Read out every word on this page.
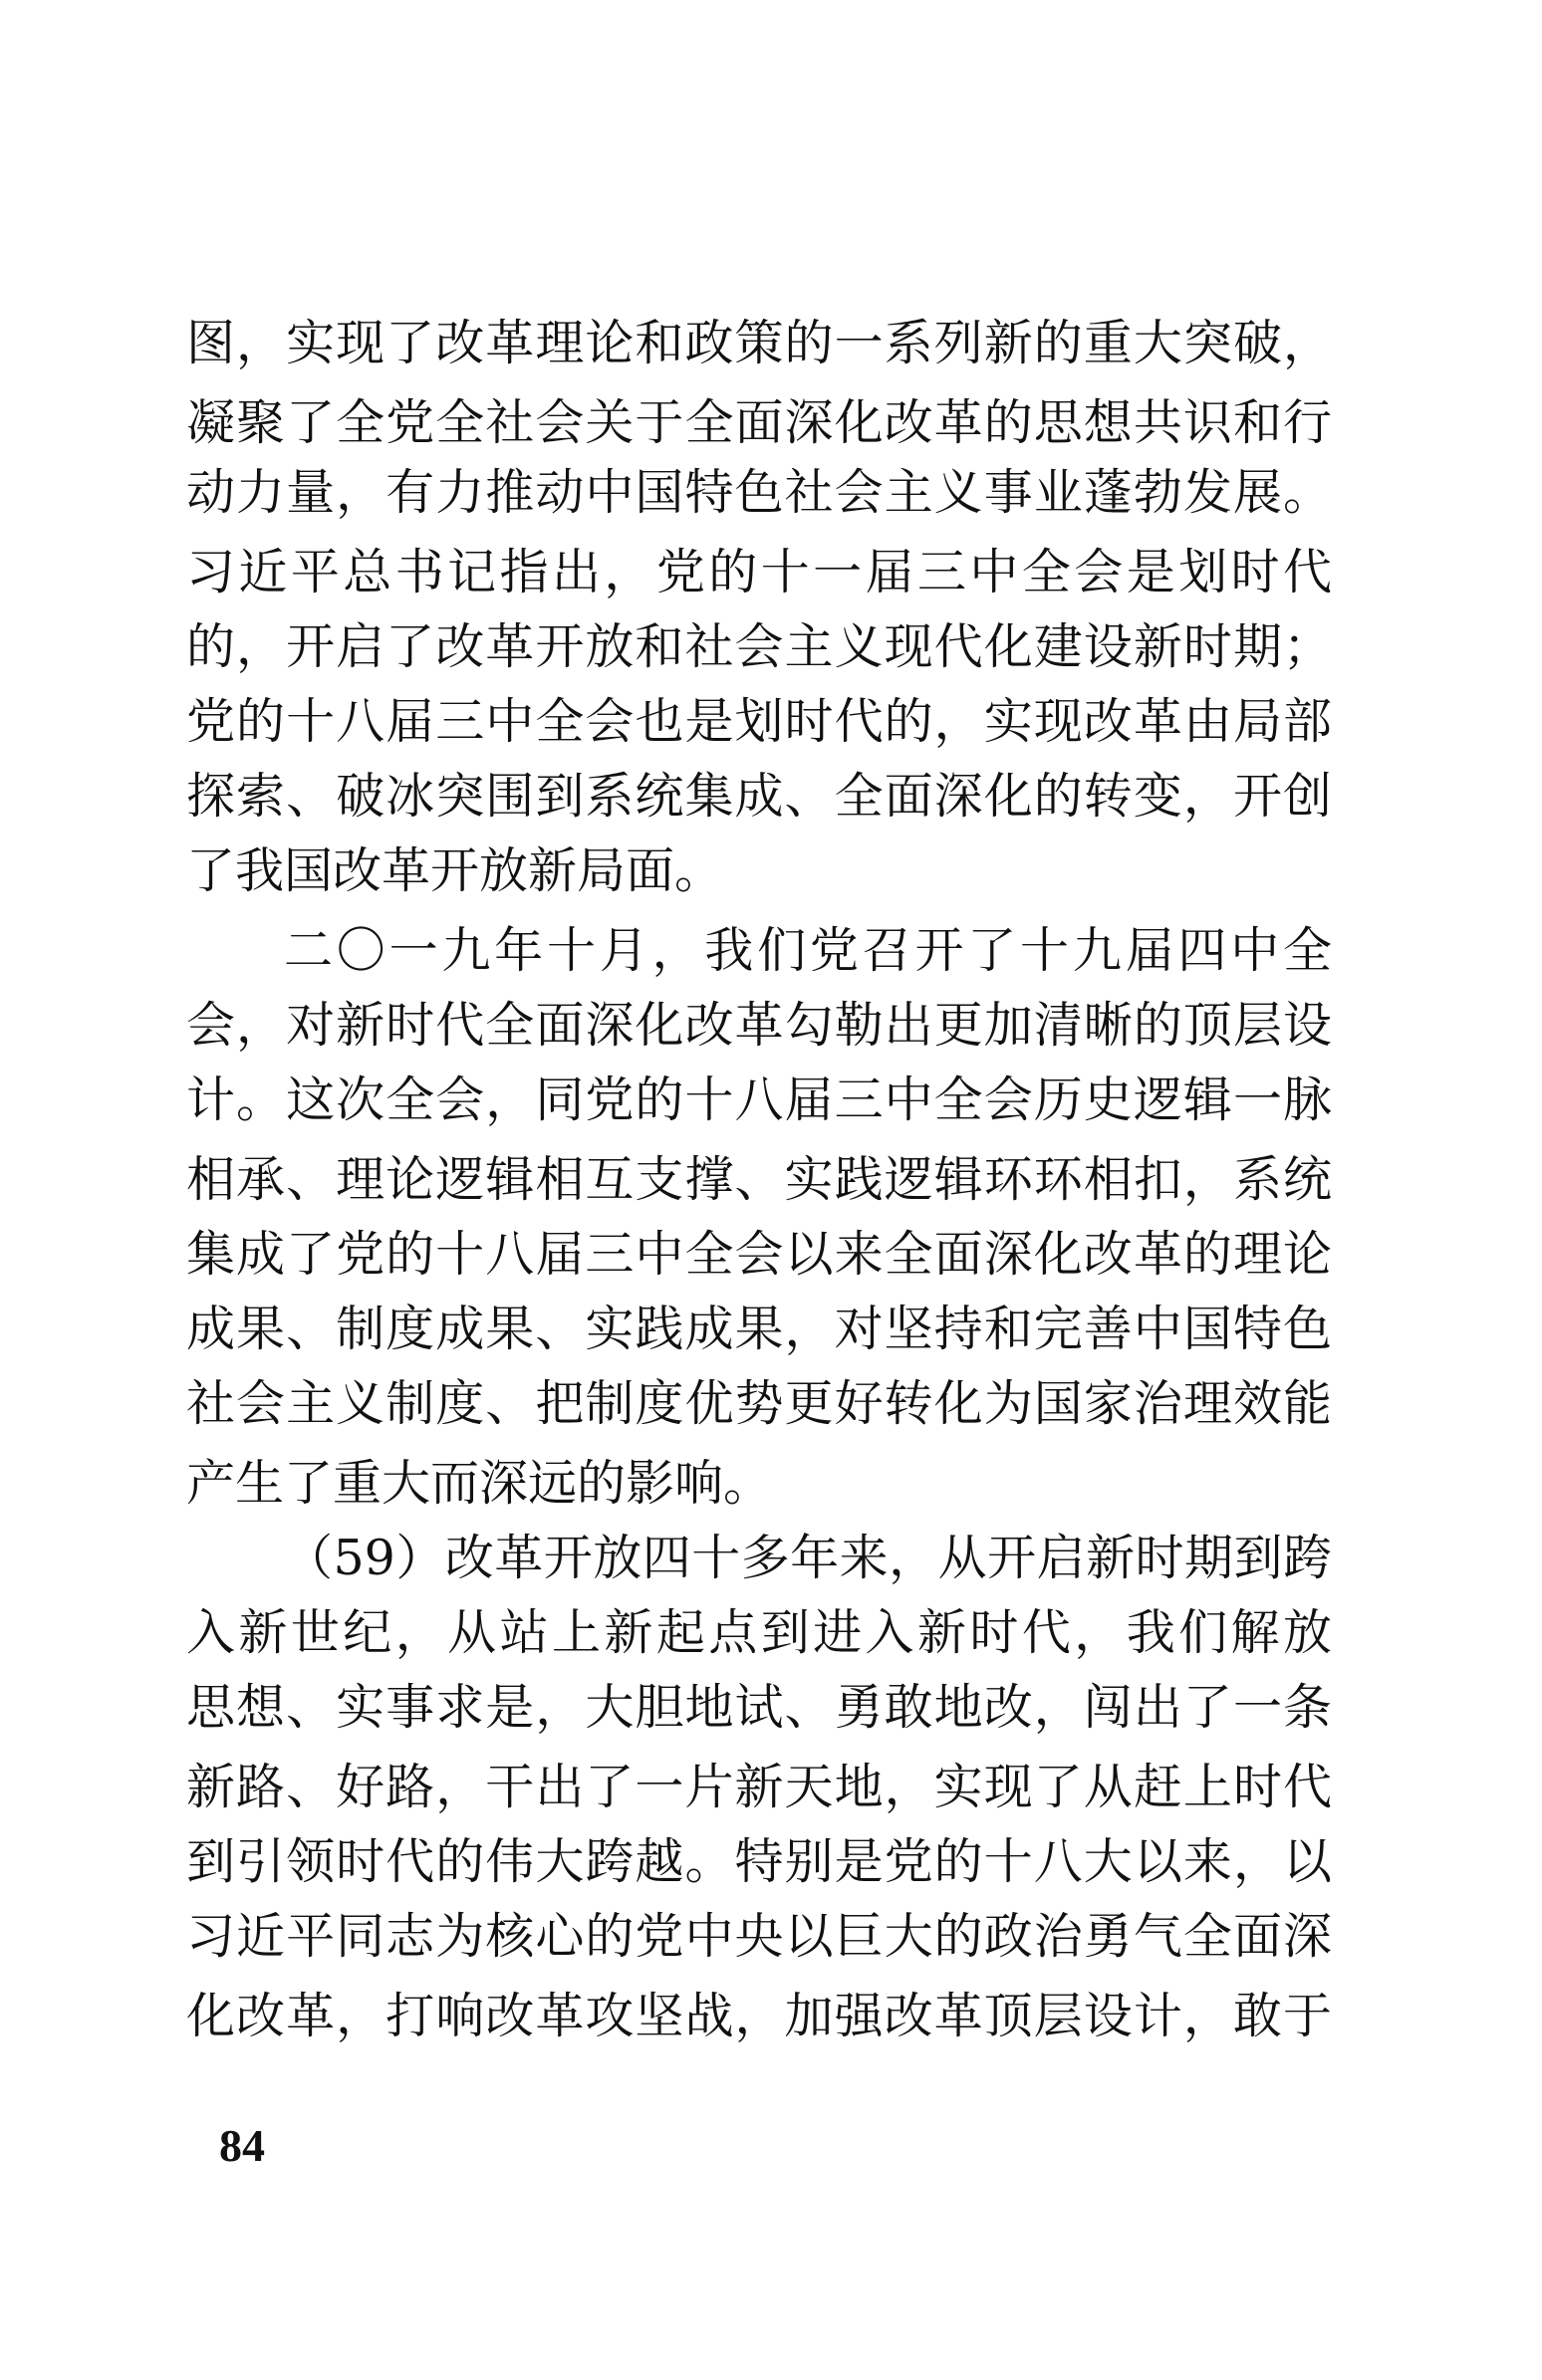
图，实现了改革理论和政策的一系列新的重大突破，
凝聚了全党全社会关于全面深化改革的思想共识和行
动力量，有力推动中国特色社会主义事业蓬勃发展。
习近平总书记指出，党的十一届三中全会是划时代
的，开启了改革开放和社会主义现代化建设新时期；
党的十八届三中全会也是划时代的，实现改革由局部
探索、破冰突围到系统集成、全面深化的转变，开创
了我国改革开放新局面。
二〇一九年十月，我们党召开了十九届四中全
会，对新时代全面深化改革勾勒出更加清晰的顶层设
计。这次全会，同党的十八届三中全会历史逻辑一脉
相承、理论逻辑相互支撑、实践逻辑环环相扣，系统
集成了党的十八届三中全会以来全面深化改革的理论
成果、制度成果、实践成果，对坚持和完善中国特色
社会主义制度、把制度优势更好转化为国家治理效能
产生了重大而深远的影响。
（59）改革开放四十多年来，从开启新时期到跨
入新世纪，从站上新起点到进入新时代，我们解放
思想、实事求是，大胆地试、勇敢地改，闯出了一条
新路、好路，干出了一片新天地，实现了从赶上时代
到引领时代的伟大跨越。特别是党的十八大以来，以
习近平同志为核心的党中央以巨大的政治勇气全面深
化改革，打响改革攻坚战，加强改革顶层设计，敢于
84
